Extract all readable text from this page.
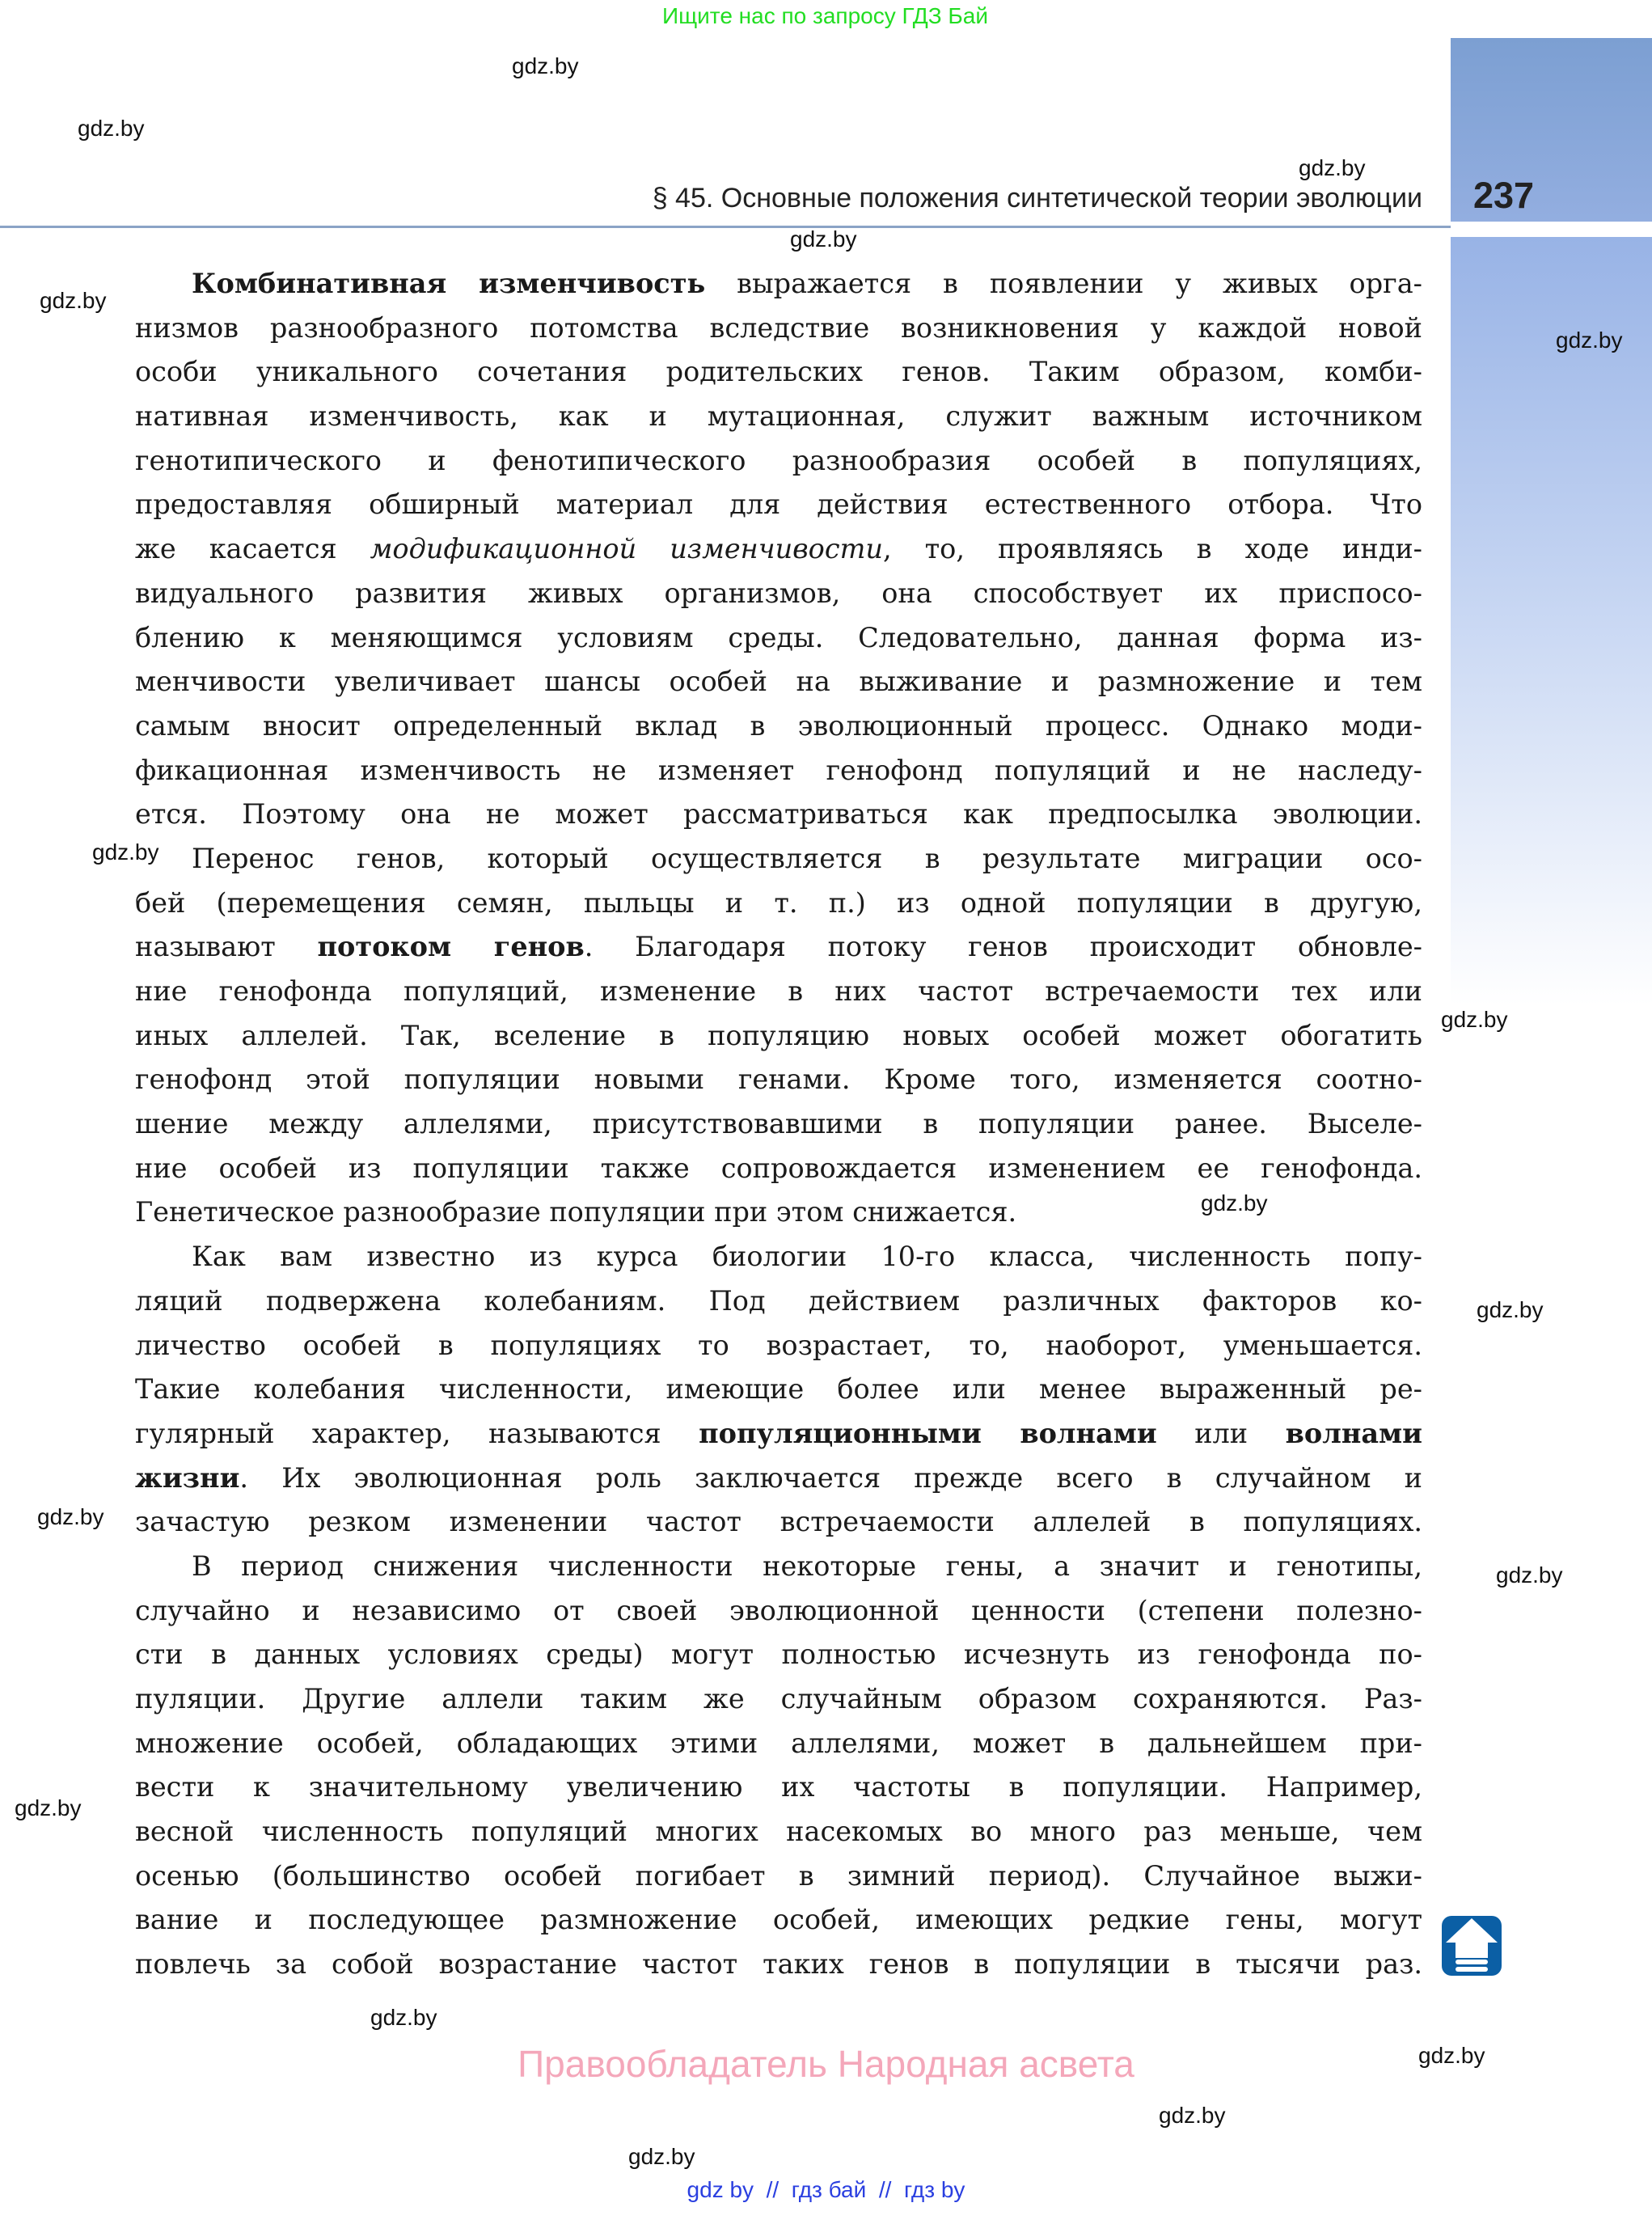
Ищите нас по запросу ГДЗ Бай
§ 45. Основные положения синтетической теории эволюции 237
Комбинативная изменчивость выражается в появлении у живых орга-
низмов разнообразного потомства вследствие возникновения у каждой новой
особи уникального сочетания родительских генов. Таким образом, комби-
нативная изменчивость, как и мутационная, служит важным источником
генотипического и фенотипического разнообразия особей в популяциях,
предоставляя обширный материал для действия естественного отбора. Что
же касается модификационной изменчивости, то, проявляясь в ходе инди-
видуального развития живых организмов, она способствует их приспосо-
блению к меняющимся условиям среды. Следовательно, данная форма из-
менчивости увеличивает шансы особей на выживание и размножение и тем
самым вносит определенный вклад в эволюционный процесс. Однако моди-
фикационная изменчивость не изменяет генофонд популяций и не наследу-
ется. Поэтому она не может рассматриваться как предпосылка эволюции.
Перенос генов, который осуществляется в результате миграции осо-
бей (перемещения семян, пыльцы и т. п.) из одной популяции в другую,
называют потоком генов. Благодаря потоку генов происходит обновле-
ние генофонда популяций, изменение в них частот встречаемости тех или
иных аллелей. Так, вселение в популяцию новых особей может обогатить
генофонд этой популяции новыми генами. Кроме того, изменяется соотно-
шение между аллелями, присутствовавшими в популяции ранее. Выселе-
ние особей из популяции также сопровождается изменением ее генофонда.
Генетическое разнообразие популяции при этом снижается.
Как вам известно из курса биологии 10-го класса, численность попу-
ляций подвержена колебаниям. Под действием различных факторов ко-
личество особей в популяциях то возрастает, то, наоборот, уменьшается.
Такие колебания численности, имеющие более или менее выраженный ре-
гулярный характер, называются популяционными волнами или волнами
жизни. Их эволюционная роль заключается прежде всего в случайном и
зачастую резком изменении частот встречаемости аллелей в популяциях.
В период снижения численности некоторые гены, а значит и генотипы,
случайно и независимо от своей эволюционной ценности (степени полезно-
сти в данных условиях среды) могут полностью исчезнуть из генофонда по-
пуляции. Другие аллели таким же случайным образом сохраняются. Раз-
множение особей, обладающих этими аллелями, может в дальнейшем при-
вести к значительному увеличению их частоты в популяции. Например,
весной численность популяций многих насекомых во много раз меньше, чем
осенью (большинство особей погибает в зимний период). Случайное выжи-
вание и последующее размножение особей, имеющих редкие гены, могут
повлечь за собой возрастание частот таких генов в популяции в тысячи раз.
Правообладатель Народная асвета
gdz by // гдз бай // гдз by
gdz.by
gdz.by
gdz.by
gdz.by
gdz.by
gdz.by
gdz.by
gdz.by
gdz.by
gdz.by
gdz.by
gdz.by
gdz.by
gdz.by
gdz.by
gdz.by
gdz.by
